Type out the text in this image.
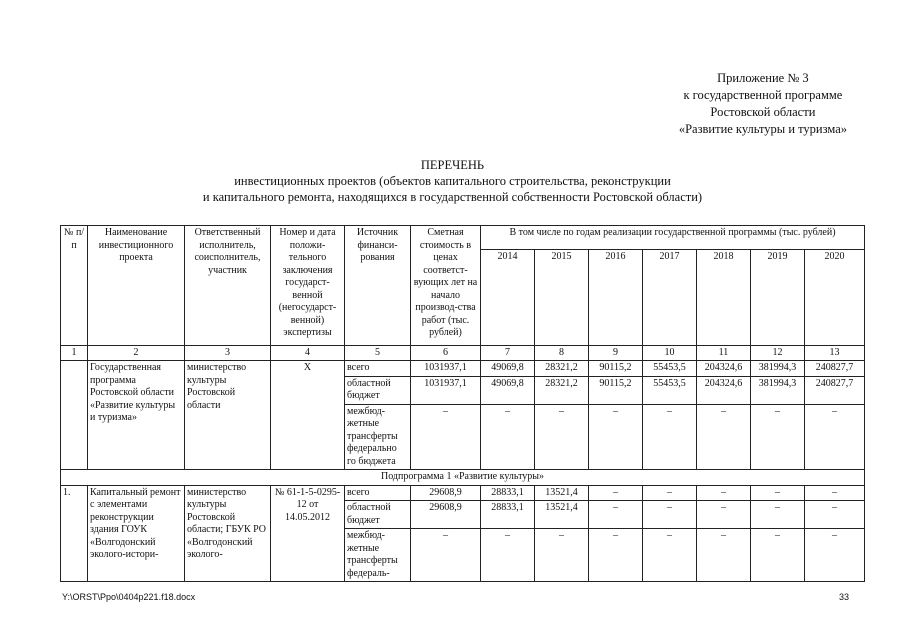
Приложение № 3
к государственной программе
Ростовской области
«Развитие культуры и туризма»
ПЕРЕЧЕНЬ
инвестиционных проектов (объектов капитального строительства, реконструкции
и капитального ремонта, находящихся в государственной собственности Ростовской области)
№ п/п	Наименование инвестиционного проекта	Ответственный исполнитель, соисполнитель, участник	Номер и дата положи-тельного заключения государст-венной (негосударст-венной) экспертизы	Источник финанси-рования	Сметная стоимость в ценах соответст-вующих лет на начало производ-ства работ (тыс. рублей)	В том числе по годам реализации государственной программы (тыс. рублей)						
						2014	2015	2016	2017	2018	2019	2020
1	2	3	4	5	6	7	8	9	10	11	12	13
	Государственная программа Ростовской области «Развитие культуры и туризма»	министерство культуры Ростовской области	Х	всего	1031937,1	49069,8	28321,2	90115,2	55453,5	204324,6	381994,3	240827,7
				областной бюджет	1031937,1	49069,8	28321,2	90115,2	55453,5	204324,6	381994,3	240827,7
				межбюд-жетные трансферты федерально го бюджета	–	–	–	–	–	–	–	–
Подпрограмма 1 «Развитие культуры»												
1.	Капитальный ремонт с элементами реконструкции здания ГОУК «Волгодонский эколого-истори-	министерство культуры Ростовской области; ГБУК РО «Волгодонский эколого-	№ 61-1-5-0295-12 от 14.05.2012	всего	29608,9	28833,1	13521,4	–	–	–	–	–
				областной бюджет	29608,9	28833,1	13521,4	–	–	–	–	–
				межбюд-жетные трансферты федераль-	–	–	–	–	–	–	–	–
Y:\ORST\Ppo\0404p221.f18.docx	33
